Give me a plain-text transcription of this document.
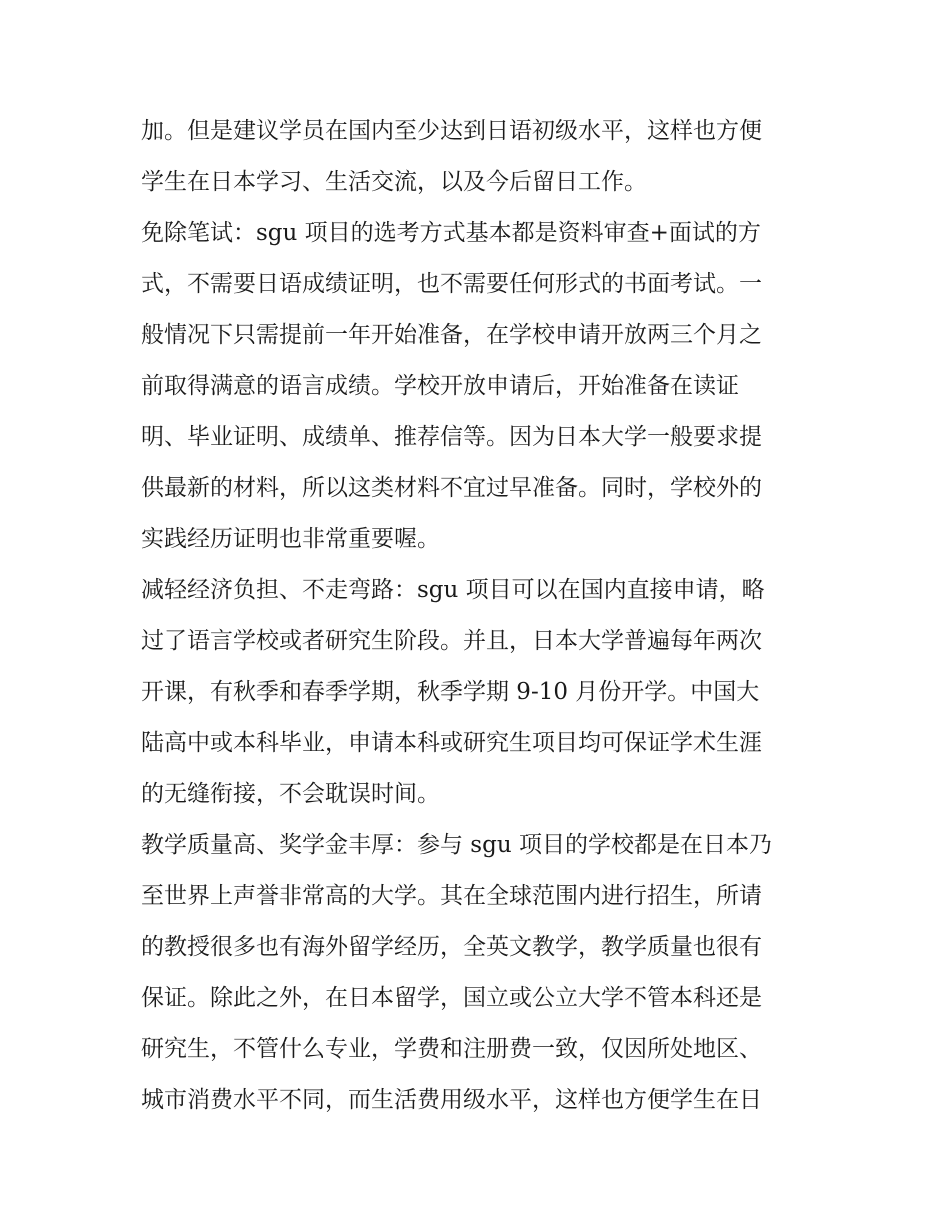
加。但是建议学员在国内至少达到日语初级水平，这样也方便
学生在日本学习、生活交流，以及今后留日工作。
免除笔试：sgu 项目的选考方式基本都是资料审查+面试的方
式，不需要日语成绩证明，也不需要任何形式的书面考试。一
般情况下只需提前一年开始准备，在学校申请开放两三个月之
前取得满意的语言成绩。学校开放申请后，开始准备在读证
明、毕业证明、成绩单、推荐信等。因为日本大学一般要求提
供最新的材料，所以这类材料不宜过早准备。同时，学校外的
实践经历证明也非常重要喔。
减轻经济负担、不走弯路：sgu 项目可以在国内直接申请，略
过了语言学校或者研究生阶段。并且，日本大学普遍每年两次
开课，有秋季和春季学期，秋季学期 9-10 月份开学。中国大
陆高中或本科毕业，申请本科或研究生项目均可保证学术生涯
的无缝衔接，不会耽误时间。
教学质量高、奖学金丰厚：参与 sgu 项目的学校都是在日本乃
至世界上声誉非常高的大学。其在全球范围内进行招生，所请
的教授很多也有海外留学经历，全英文教学，教学质量也很有
保证。除此之外，在日本留学，国立或公立大学不管本科还是
研究生，不管什么专业，学费和注册费一致，仅因所处地区、
城市消费水平不同，而生活费用级水平，这样也方便学生在日
